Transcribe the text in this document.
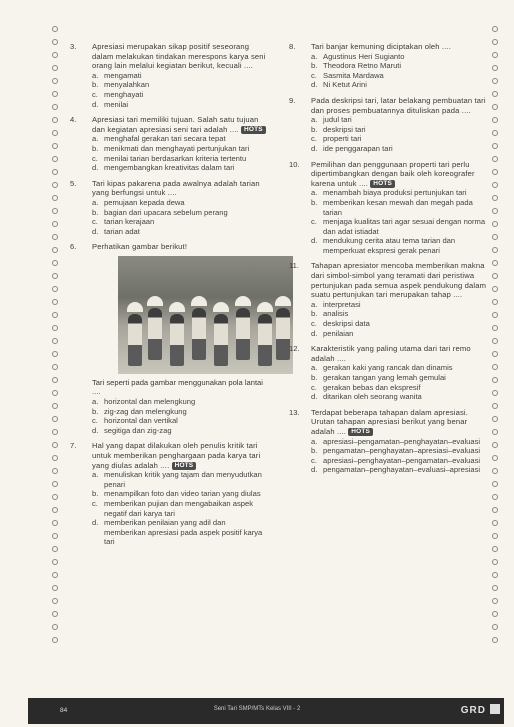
3. Apresiasi merupakan sikap positif seseorang dalam melakukan tindakan merespons karya seni orang lain melalui kegiatan berikut, kecuali ....
a. mengamati
b. menyalahkan
c. menghayati
d. menilai
4. Apresiasi tari memiliki tujuan. Salah satu tujuan dan kegiatan apresiasi seni tari adalah .... HOTS
a. menghafal gerakan tari secara tepat
b. menikmati dan menghayati pertunjukan tari
c. menilai tarian berdasarkan kriteria tertentu
d. mengembangkan kreativitas dalam tari
5. Tari kipas pakarena pada awalnya adalah tarian yang berfungsi untuk ....
a. pemujaan kepada dewa
b. bagian dari upacara sebelum perang
c. tarian kerajaan
d. tarian adat
6. Perhatikan gambar berikut!
Tari seperti pada gambar menggunakan pola lantai ....
a. horizontal dan melengkung
b. zig-zag dan melengkung
c. horizontal dan vertikal
d. segitiga dan zig-zag
7. Hal yang dapat dilakukan oleh penulis kritik tari untuk memberikan penghargaan pada karya tari yang diulas adalah .... HOTS
a. menuliskan kritik yang tajam dan menyudutkan penari
b. menampilkan foto dan video tarian yang diulas
c. memberikan pujian dan mengabaikan aspek negatif dari karya tari
d. memberikan penilaian yang adil dan memberikan apresiasi pada aspek positif karya tari
8. Tari banjar kemuning diciptakan oleh ....
a. Agustinus Heri Sugianto
b. Theodora Retno Maruti
c. Sasmita Mardawa
d. Ni Ketut Arini
9. Pada deskripsi tari, latar belakang pembuatan tari dan proses pembuatannya dituliskan pada ....
a. judul tari
b. deskripsi tari
c. properti tari
d. ide penggarapan tari
10. Pemilihan dan penggunaan properti tari perlu dipertimbangkan dengan baik oleh koreografer karena untuk .... HOTS
a. menambah biaya produksi pertunjukan tari
b. memberikan kesan mewah dan megah pada tarian
c. menjaga kualitas tari agar sesuai dengan norma dan adat istiadat
d. mendukung cerita atau tema tarian dan memperkuat ekspresi gerak penari
11. Tahapan apresiator mencoba memberikan makna dari simbol-simbol yang teramati dari peristiwa pertunjukan pada semua aspek pendukung dalam suatu pertunjukan tari merupakan tahap ....
a. interpretasi
b. analisis
c. deskripsi data
d. penilaian
12. Karakteristik yang paling utama dari tari remo adalah ....
a. gerakan kaki yang rancak dan dinamis
b. gerakan tangan yang lemah gemulai
c. gerakan bebas dan ekspresif
d. ditarikan oleh seorang wanita
13. Terdapat beberapa tahapan dalam apresiasi. Urutan tahapan apresiasi berikut yang benar adalah .... HOTS
a. apresiasi–pengamatan–penghayatan–evaluasi
b. pengamatan–penghayatan–apresiasi–evaluasi
c. apresiasi–penghayatan–pengamatan–evaluasi
d. pengamatan–penghayatan–evaluasi–apresiasi
84	Seni Tari SMP/MTs Kelas VIII - 2	GRD
